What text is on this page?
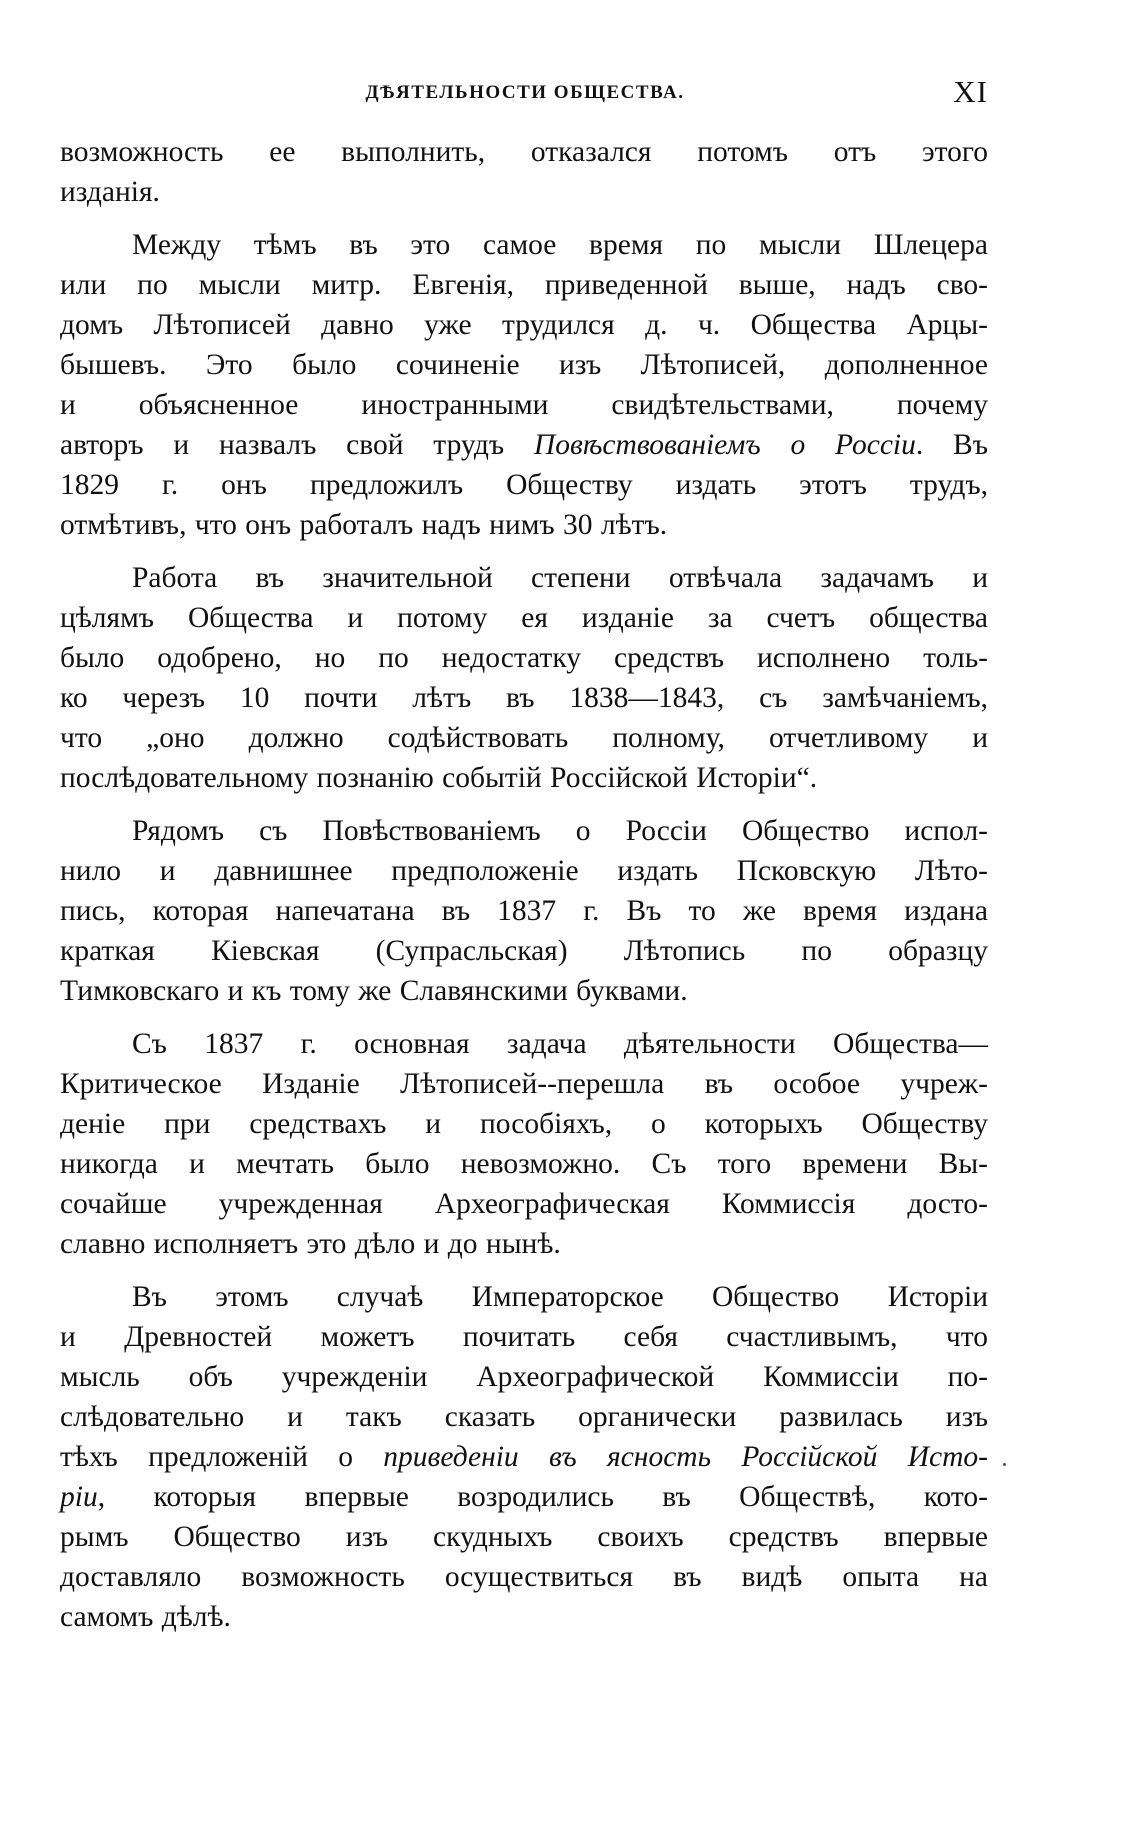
ДѢЯТЕЛЬНОСТИ ОБЩЕСТВА.	XI
возможность ее выполнить, отказался потомъ отъ этого
изданія.
Между тѣмъ въ это самое время по мысли Шлецера
или по мысли митр. Евгенія, приведенной выше, надъ сво-
домъ Лѣтописей давно уже трудился д. ч. Общества Арцы-
бышевъ. Это было сочиненіе изъ Лѣтописей, дополненное
и объясненное иностранными свидѣтельствами, почему
авторъ и назвалъ свой трудъ Повѣствованіемъ о Россіи. Въ
1829 г. онъ предложилъ Обществу издать этотъ трудъ,
отмѣтивъ, что онъ работалъ надъ нимъ 30 лѣтъ.
Работа въ значительной степени отвѣчала задачамъ и
цѣлямъ Общества и потому ея изданіе за счетъ общества
было одобрено, но по недостатку средствъ исполнено толь-
ко черезъ 10 почти лѣтъ въ 1838—1843, съ замѣчаніемъ,
что „оно должно содѣйствовать полному, отчетливому и
послѣдовательному познанію событій Россійской Исторіи“.
Рядомъ съ Повѣствованіемъ о Россіи Общество испол-
нило и давнишнее предположеніе издать Псковскую Лѣто-
пись, которая напечатана въ 1837 г. Въ то же время издана
краткая Кіевская (Супрасльская) Лѣтопись по образцу
Тимковскаго и къ тому же Славянскими буквами.
Съ 1837 г. основная задача дѣятельности Общества—
Критическое Изданіе Лѣтописей--перешла въ особое учреж-
деніе при средствахъ и пособіяхъ, о которыхъ Обществу
никогда и мечтать было невозможно. Съ того времени Вы-
сочайше учрежденная Археографическая Коммиссія досто-
славно исполняетъ это дѣло и до нынѣ.
Въ этомъ случаѣ Императорское Общество Исторіи
и Древностей можетъ почитать себя счастливымъ, что
мысль объ учрежденіи Археографической Коммиссіи по-
слѣдовательно и такъ сказать органически развилась изъ
тѣхъ предложеній о приведеніи въ ясность Россійской Исто-
ріи, которыя впервые возродились въ Обществѣ, кото-
рымъ Общество изъ скудныхъ своихъ средствъ впервые
доставляло возможность осуществиться въ видѣ опыта на
самомъ дѣлѣ.
